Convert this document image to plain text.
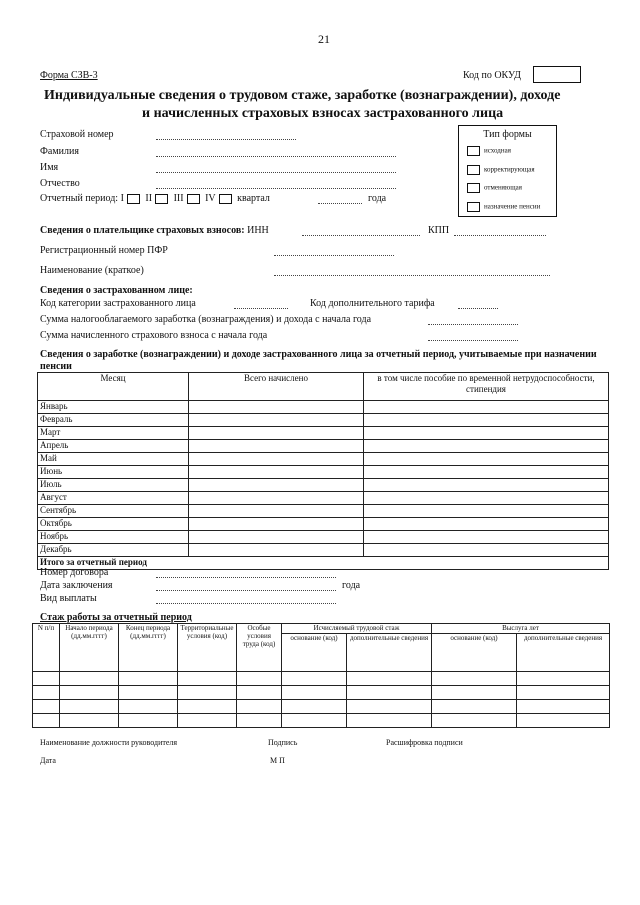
21
Форма СЗВ-3	Код по ОКУД
Индивидуальные сведения о трудовом стаже, заработке (вознаграждении), доходе
и начисленных страховых взносах застрахованного лица
Страховой номер
Фамилия
Имя
Отчество
Отчетный период: I II III IV квартал	года
Тип формы
исходная
корректирующая
отменяющая
назначение пенсии
Сведения о плательщике страховых взносов: ИНН	КПП
Регистрационный номер ПФР
Наименование (краткое)
Сведения о застрахованном лице:
Код категории застрахованного лица	Код дополнительного тарифа
Сумма налогооблагаемого заработка (вознаграждения) и дохода с начала года
Сумма начисленного страхового взноса с начала года
Сведения о заработке (вознаграждении) и доходе застрахованного лица за отчетный период, учитываемые при назначении пенсии
Месяц	Всего начислено	в том числе пособие по временной нетрудоспособности, стипендия
Январь		
Февраль		
Март		
Апрель		
Май		
Июнь		
Июль		
Август		
Сентябрь		
Октябрь		
Ноябрь		
Декабрь		
Итого за отчетный период		
Номер договора
Дата заключения	года
Вид выплаты
Стаж работы за отчетный период
N п/п	Начало периода (дд.мм.гггг)	Конец периода (дд.мм.гггг)	Территориальные условия (код)	Особые условия труда (код)	Исчисляемый трудовой стаж		Выслуга лет	
					основание (код)	дополнительные сведения	основание (код)	дополнительные сведения

Наименование должности руководителя	Подпись	Расшифровка подписи
Дата	М П
